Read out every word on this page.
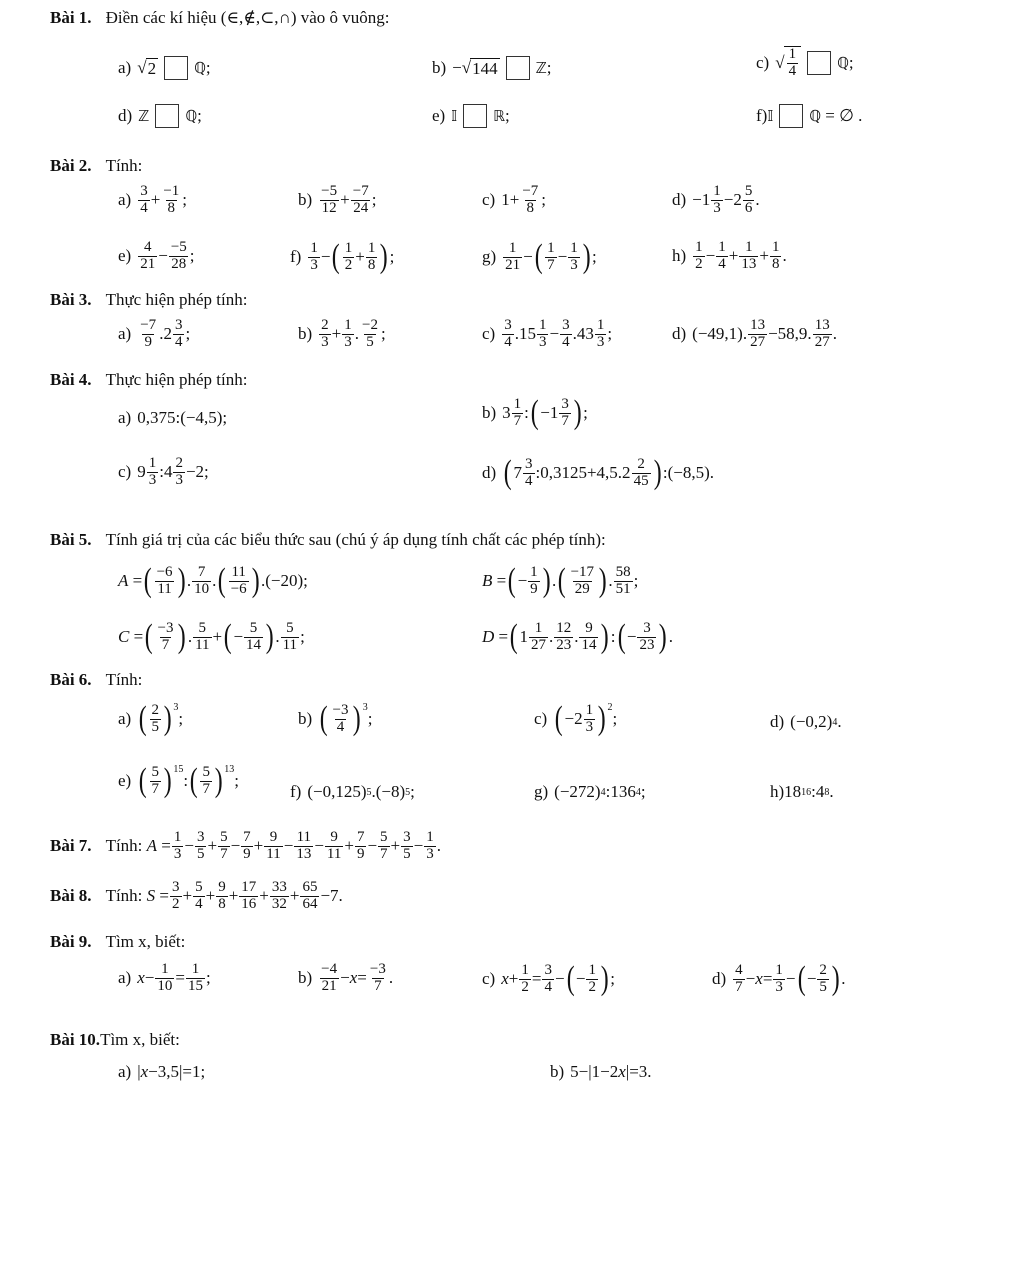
Bài 1. Điền các kí hiệu (∈,∉,⊂,∩) vào ô vuông:
a) √ 2	ℚ ;	b) − √ 144	ℤ ;	c) √ $\frac{1}{4}$	ℚ ;
d) ℤ ℚ ;	e) 𝕀 ℝ ;	f) 𝕀 ℚ = ∅ .
Bài 2. Tính:
$a) \frac{3}{4} + \frac{-1}{8}$ ;	$b) \frac{-5}{12} + \frac{-7}{24}$ ;	c) $1+ \frac{-7}{8}$ ;	$d) -1 \frac{1}{3} -2 \frac{5}{6}$ .
$e) \frac{4}{21} - \frac{-5}{28}$ ;	$f) \frac{1}{3}$ − ( $\frac{1}{2} + \frac{1}{8}$ ) ;	$g) \frac{1}{21}$ − ( $\frac{1}{7} - \frac{1}{3}$ ) ;	$h) \frac{1}{2} - \frac{1}{4} + \frac{1}{13} + \frac{1}{8}$ .
Bài 3. Thực hiện phép tính:
$a) \frac{-7}{9} .2 \frac{3}{4}$ ;	$b) \frac{2}{3} + \frac{1}{3}$ . $\frac{-2}{5}$ ;	$c) \frac{3}{4} .15 \frac{1}{3} - \frac{3}{4} .43 \frac{1}{3}$ ;	d) (−49,1). $\frac{13}{27} -58,9$. $\frac{13}{27}$ .
Bài 4. Thực hiện phép tính:
a) 0,375:(−4,5);	b) $3 \frac{1}{7}$ : ( $-1 \frac{3}{7}$ ) ;
c) $9 \frac{1}{3}$ :4 $\frac{2}{3} -2$;	d) ( $7 \frac{3}{4}$ :0,3125+4,5.2 $\frac{2}{45}$ ) :(−8,5).
Bài 5. Tính giá trị của các biểu thức sau (chú ý áp dụng tính chất các phép tính):
A = ( $\frac{-6}{11}$ ) . $\frac{7}{10}$ . ( $\frac{11}{-6}$ ) .(−20);	B = ( − $\frac{1}{9}$ ) . ( $\frac{-17}{29}$ ) . $\frac{58}{51}$ ;
C = ( $\frac{-3}{7}$ ) . $\frac{5}{11}$ + ( − $\frac{5}{14}$ ) . $\frac{5}{11}$ ;	D = ( $1 \frac{1}{27}$ . $\frac{12}{23}$ . $\frac{9}{14}$ ) : ( − $\frac{3}{23}$ ) .
Bài 6. Tính:
a) ( $\frac{2}{5} )^3$
;	b) ( $\frac{-3}{4} )^3$
;	c) ( $-2 \frac{1}{3} )^2$
;	d) (−0,2) 4 .
e) ( $\frac{5}{7} )^{15}$
: ( $\frac{5}{7} )^{13}$
;
f) (−0,125) 5 .(−8) 5 ;	g) (−272) 4 :136 4 ;	h)18 16 :4 8 .
Bài 7. Tính:
$A = \frac{1}{3} - \frac{3}{5} + \frac{5}{7} - \frac{7}{9} + \frac{9}{11} - \frac{11}{13} - \frac{9}{11} + \frac{7}{9} - \frac{5}{7} + \frac{3}{5} - \frac{1}{3}$ .
Bài 8. Tính:
$S = \frac{3}{2} + \frac{5}{4} + \frac{9}{8} + \frac{17}{16} + \frac{33}{32} + \frac{65}{64} -7$.
Bài 9. Tìm x, biết:
a) $x - \frac{1}{10} = \frac{1}{15}$ ;	$b) \frac{-4}{21} - x = \frac{-3}{7}$ .	c) $x + \frac{1}{2} = \frac{3}{4}$ − ( − $\frac{1}{2}$ ) ;	$d) \frac{4}{7} - x = \frac{1}{3}$ − ( − $\frac{2}{5}$ ) .
Bài 10.Tìm x, biết:
a) | x −3,5|=1;	b) 5−|1−2 x |=3.
